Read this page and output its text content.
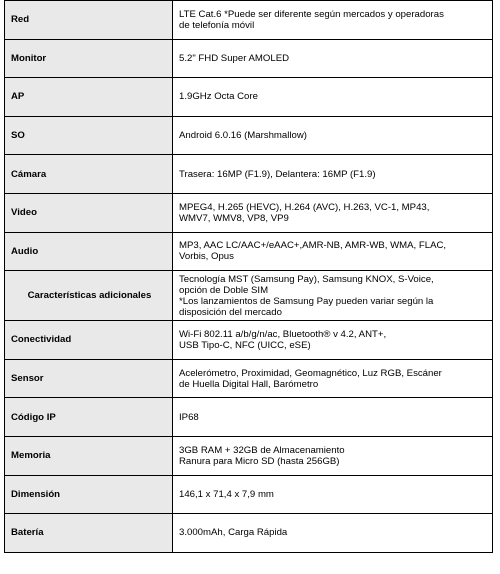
Red	LTE Cat.6 *Puede ser diferente según mercados y operadoras
de telefonía móvil
Monitor	5.2" FHD Super AMOLED
AP	1.9GHz Octa Core
SO	Android 6.0.16 (Marshmallow)
Cámara	Trasera: 16MP (F1.9), Delantera: 16MP (F1.9)
Video	MPEG4, H.265 (HEVC), H.264 (AVC), H.263, VC-1, MP43,
WMV7, WMV8, VP8, VP9
Audio	MP3, AAC LC/AAC+/eAAC+,AMR-NB, AMR-WB, WMA, FLAC,
Vorbis, Opus
Características adicionales	Tecnología MST (Samsung Pay), Samsung KNOX, S-Voice,
opción de Doble SIM
*Los lanzamientos de Samsung Pay pueden variar según la
disposición del mercado
Conectividad	Wi-Fi 802.11 a/b/g/n/ac, Bluetooth® v 4.2, ANT+,
USB Tipo-C, NFC (UICC, eSE)
Sensor	Acelerómetro, Proximidad, Geomagnético, Luz RGB, Escáner
de Huella Digital Hall, Barómetro
Código IP	IP68
Memoria	3GB RAM + 32GB de Almacenamiento
Ranura para Micro SD (hasta 256GB)
Dimensión	146,1 x 71,4 x 7,9 mm
Batería	3.000mAh, Carga Rápida
